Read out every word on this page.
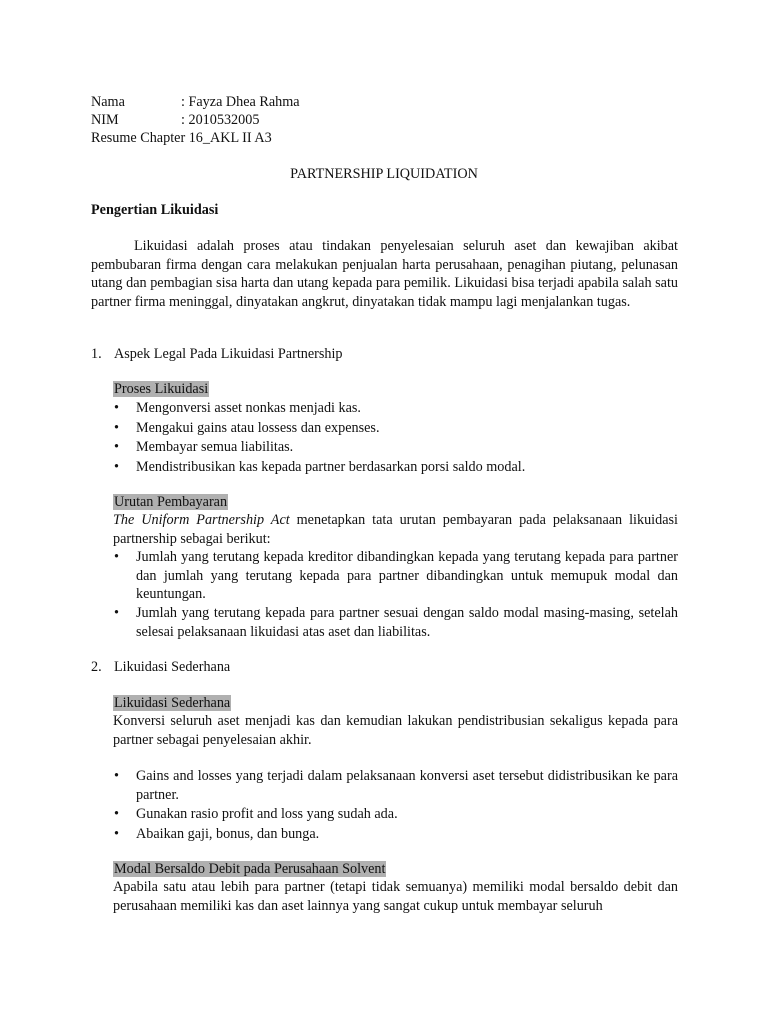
Nama	: Fayza Dhea Rahma
NIM	: 2010532005
Resume Chapter 16_AKL II A3
PARTNERSHIP LIQUIDATION
Pengertian Likuidasi
Likuidasi adalah proses atau tindakan penyelesaian seluruh aset dan kewajiban akibat pembubaran firma dengan cara melakukan penjualan harta perusahaan, penagihan piutang, pelunasan utang dan pembagian sisa harta dan utang kepada para pemilik. Likuidasi bisa terjadi apabila salah satu partner firma meninggal, dinyatakan angkrut, dinyatakan tidak mampu lagi menjalankan tugas.
1. Aspek Legal Pada Likuidasi Partnership
Proses Likuidasi
•	Mengonversi asset nonkas menjadi kas.
•	Mengakui gains atau lossess dan expenses.
•	Membayar semua liabilitas.
•	Mendistribusikan kas kepada partner berdasarkan porsi saldo modal.
Urutan Pembayaran
The Uniform Partnership Act menetapkan tata urutan pembayaran pada pelaksanaan likuidasi partnership sebagai berikut:
•	Jumlah yang terutang kepada kreditor dibandingkan kepada yang terutang kepada para partner dan jumlah yang terutang kepada para partner dibandingkan untuk memupuk modal dan keuntungan.
•	Jumlah yang terutang kepada para partner sesuai dengan saldo modal masing-masing, setelah selesai pelaksanaan likuidasi atas aset dan liabilitas.
2. Likuidasi Sederhana
Likuidasi Sederhana
Konversi seluruh aset menjadi kas dan kemudian lakukan pendistribusian sekaligus kepada para partner sebagai penyelesaian akhir.
•	Gains and losses yang terjadi dalam pelaksanaan konversi aset tersebut didistribusikan ke para partner.
•	Gunakan rasio profit and loss yang sudah ada.
•	Abaikan gaji, bonus, dan bunga.
Modal Bersaldo Debit pada Perusahaan Solvent
Apabila satu atau lebih para partner (tetapi tidak semuanya) memiliki modal bersaldo debit dan perusahaan memiliki kas dan aset lainnya yang sangat cukup untuk membayar seluruh
